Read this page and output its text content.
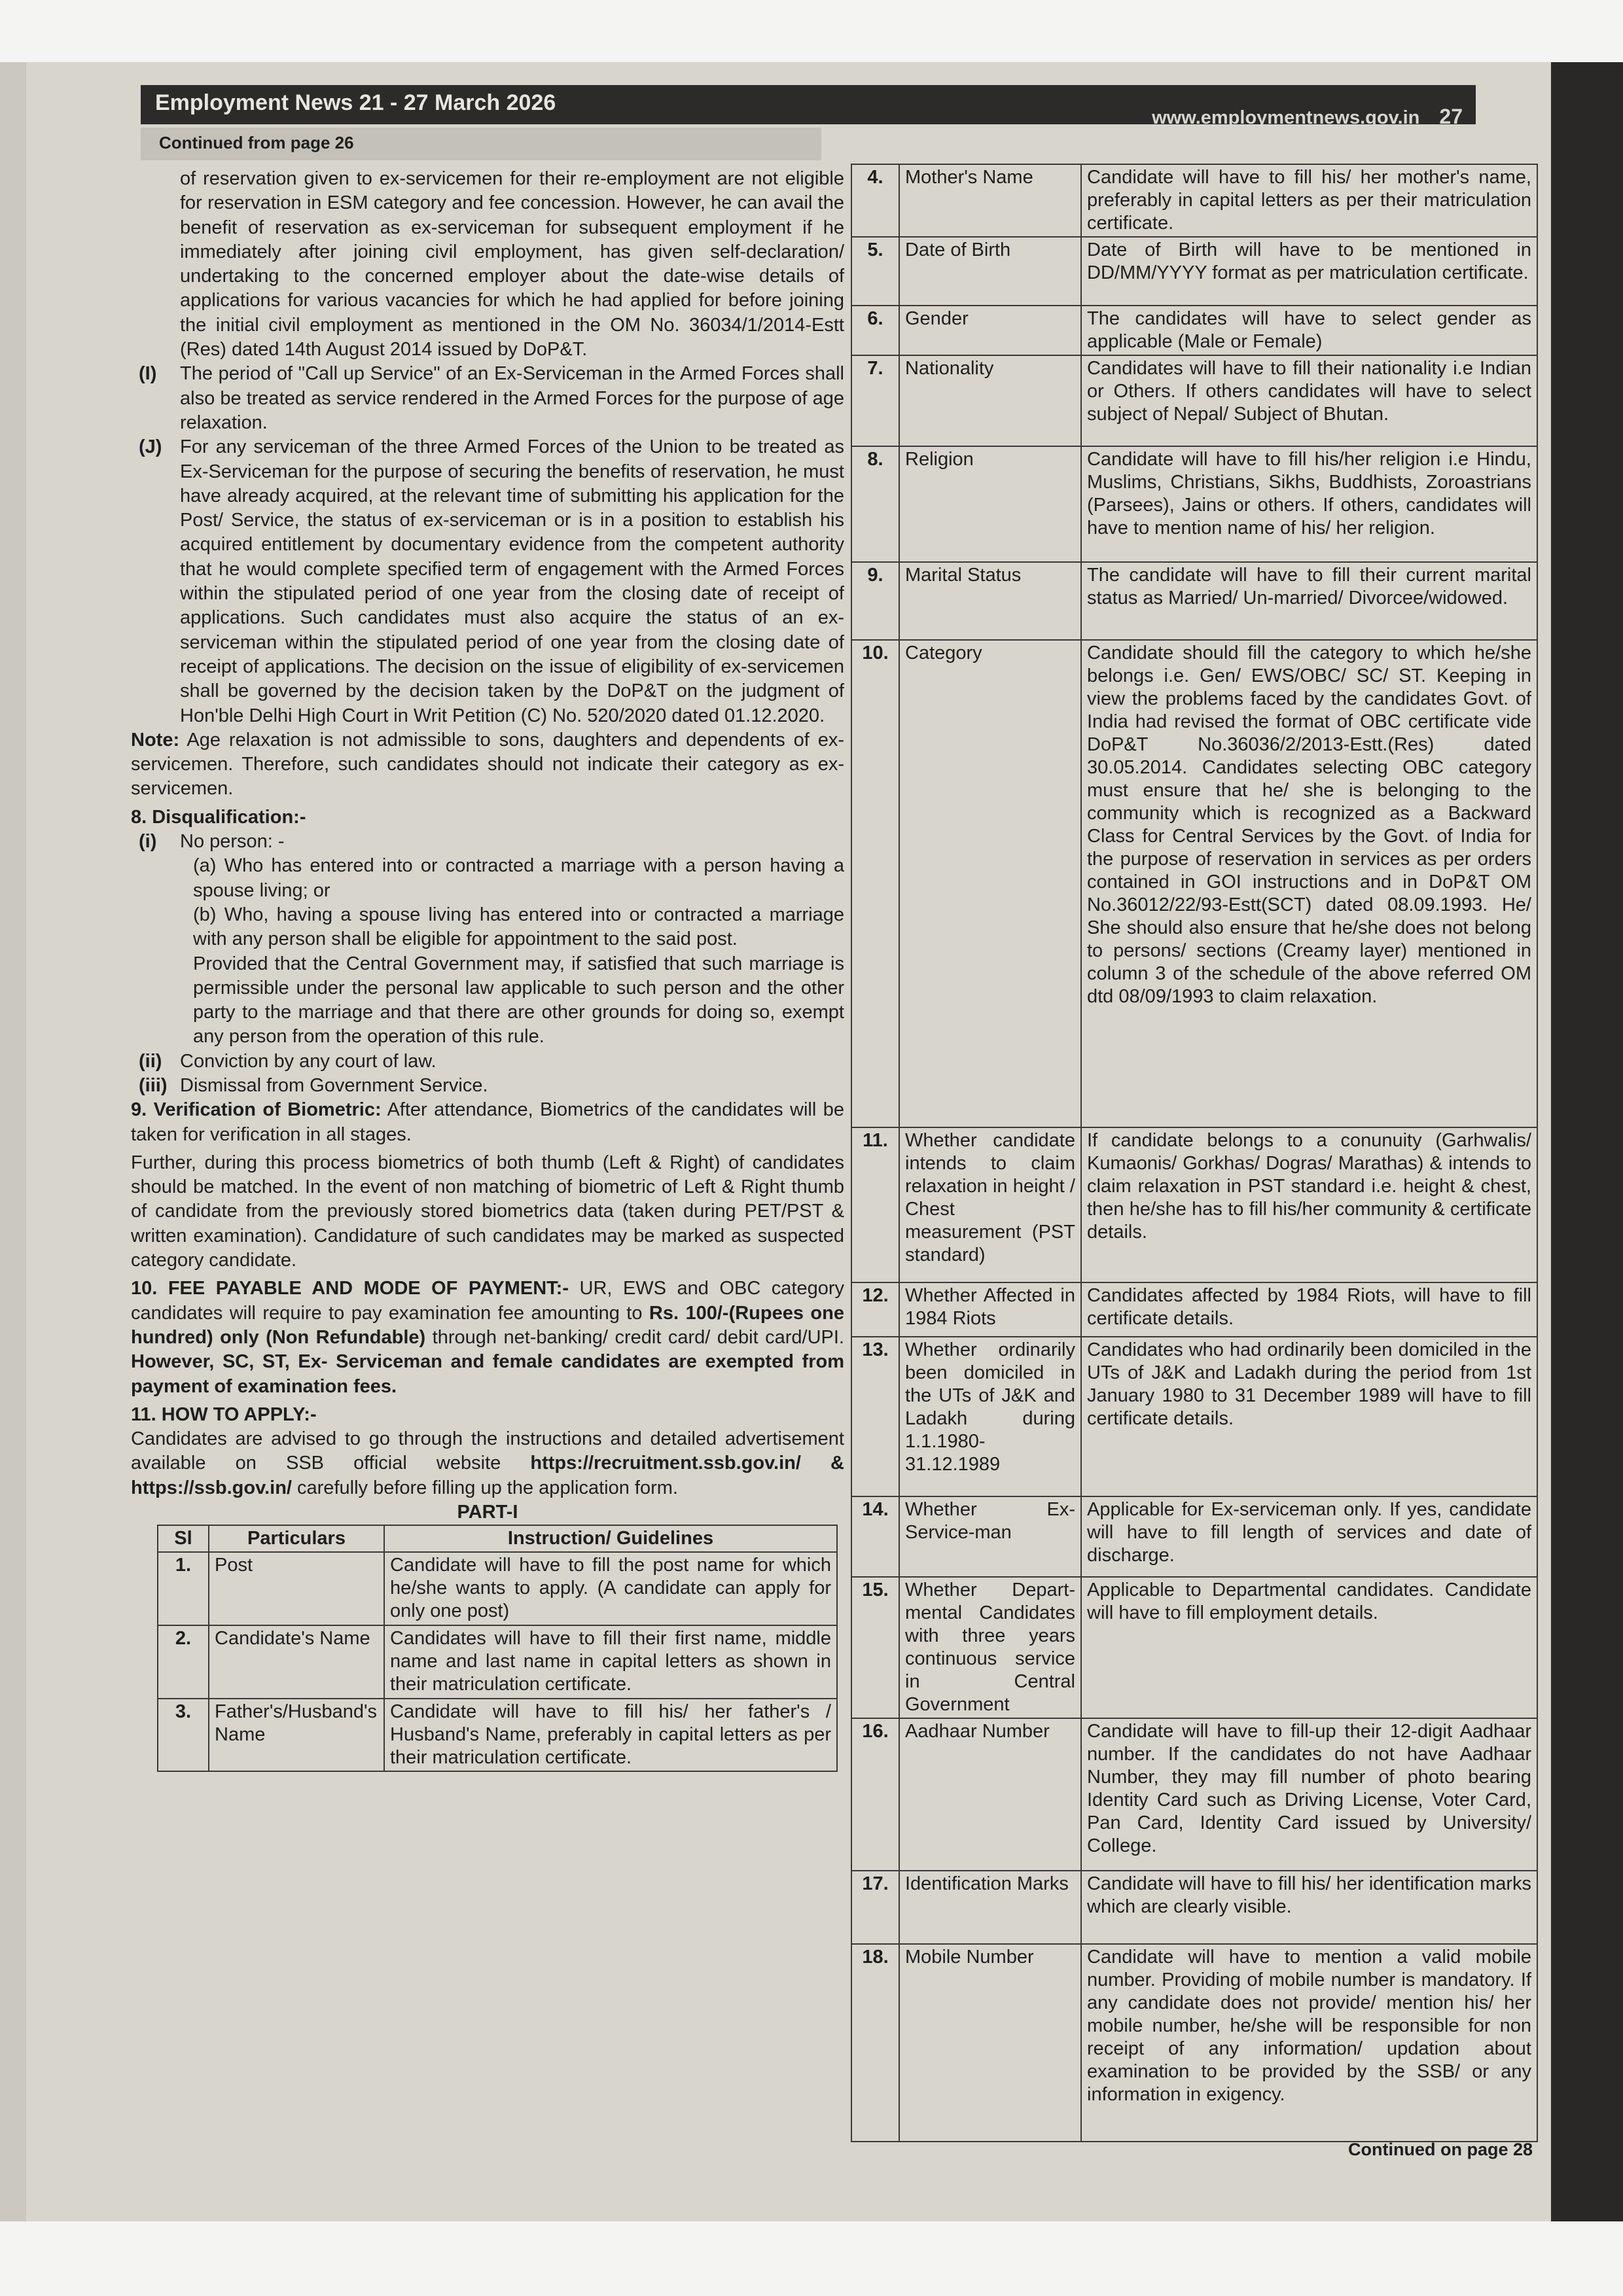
Employment News 21 - 27 March 2026
www.employmentnews.gov.in 27
Continued from page 26

of reservation given to ex-servicemen for their re-employment are not eligible for reservation in ESM category and fee concession. However, he can avail the benefit of reservation as ex-serviceman for subsequent employment if he immediately after joining civil employment, has given self-declaration/ undertaking to the concerned employer about the date-wise details of applications for various vacancies for which he had applied for before joining the initial civil employment as mentioned in the OM No. 36034/1/2014-Estt (Res) dated 14th August 2014 issued by DoP&T.

(I) The period of "Call up Service" of an Ex-Serviceman in the Armed Forces shall also be treated as service rendered in the Armed Forces for the purpose of age relaxation.

(J) For any serviceman of the three Armed Forces of the Union to be treated as Ex-Serviceman for the purpose of securing the benefits of reservation, he must have already acquired, at the relevant time of submitting his application for the Post/ Service, the status of ex-serviceman or is in a position to establish his acquired entitlement by documentary evidence from the competent authority that he would complete specified term of engagement with the Armed Forces within the stipulated period of one year from the closing date of receipt of applications. Such candidates must also acquire the status of an ex-serviceman within the stipulated period of one year from the closing date of receipt of applications. The decision on the issue of eligibility of ex-servicemen shall be governed by the decision taken by the DoP&T on the judgment of Hon'ble Delhi High Court in Writ Petition (C) No. 520/2020 dated 01.12.2020.

Note: Age relaxation is not admissible to sons, daughters and dependents of ex-servicemen. Therefore, such candidates should not indicate their category as ex-servicemen.

8. Disqualification:-

(i) No person: -

(a) Who has entered into or contracted a marriage with a person having a spouse living; or

(b) Who, having a spouse living has entered into or contracted a marriage with any person shall be eligible for appointment to the said post.

Provided that the Central Government may, if satisfied that such marriage is permissible under the personal law applicable to such person and the other party to the marriage and that there are other grounds for doing so, exempt any person from the operation of this rule.

(ii) Conviction by any court of law.

(iii) Dismissal from Government Service.

9. Verification of Biometric: After attendance, Biometrics of the candidates will be taken for verification in all stages.

Further, during this process biometrics of both thumb (Left & Right) of candidates should be matched. In the event of non matching of biometric of Left & Right thumb of candidate from the previously stored biometrics data (taken during PET/PST & written examination). Candidature of such candidates may be marked as suspected category candidate.

10. FEE PAYABLE AND MODE OF PAYMENT:- UR, EWS and OBC category candidates will require to pay examination fee amounting to Rs. 100/-(Rupees one hundred) only (Non Refundable) through net-banking/ credit card/ debit card/UPI. However, SC, ST, Ex- Serviceman and female candidates are exempted from payment of examination fees.

11. HOW TO APPLY:-

Candidates are advised to go through the instructions and detailed advertisement available on SSB official website https://recruitment.ssb.gov.in/ & https://ssb.gov.in/ carefully before filling up the application form.

PART-I

Sl	Particulars	Instruction/ Guidelines
1.	Post	Candidate will have to fill the post name for which he/she wants to apply. (A candidate can apply for only one post)
2.	Candidate's Name	Candidates will have to fill their first name, middle name and last name in capital letters as shown in their matriculation certificate.
3.	Father's/Husband's Name	Candidate will have to fill his/ her father's / Husband's Name, preferably in capital letters as per their matriculation certificate.
4.	Mother's Name	Candidate will have to fill his/ her mother's name, preferably in capital letters as per their matriculation certificate.
5.	Date of Birth	Date of Birth will have to be mentioned in DD/MM/YYYY format as per matriculation certificate.
6.	Gender	The candidates will have to select gender as applicable (Male or Female)
7.	Nationality	Candidates will have to fill their nationality i.e Indian or Others. If others candidates will have to select subject of Nepal/ Subject of Bhutan.
8.	Religion	Candidate will have to fill his/her religion i.e Hindu, Muslims, Christians, Sikhs, Buddhists, Zoroastrians (Parsees), Jains or others. If others, candidates will have to mention name of his/ her religion.
9.	Marital Status	The candidate will have to fill their current marital status as Married/ Un-married/ Divorcee/widowed.
10.	Category	Candidate should fill the category to which he/she belongs i.e. Gen/ EWS/OBC/ SC/ ST. Keeping in view the problems faced by the candidates Govt. of India had revised the format of OBC certificate vide DoP&T No.36036/2/2013-Estt.(Res) dated 30.05.2014. Candidates selecting OBC category must ensure that he/ she is belonging to the community which is recognized as a Backward Class for Central Services by the Govt. of India for the purpose of reservation in services as per orders contained in GOI instructions and in DoP&T OM No.36012/22/93-Estt(SCT) dated 08.09.1993. He/ She should also ensure that he/she does not belong to persons/ sections (Creamy layer) mentioned in column 3 of the schedule of the above referred OM dtd 08/09/1993 to claim relaxation.
11.	Whether candidate intends to claim relaxation in height / Chest measurement (PST standard)	If candidate belongs to a conunuity (Garhwalis/ Kumaonis/ Gorkhas/ Dogras/ Marathas) & intends to claim relaxation in PST standard i.e. height & chest, then he/she has to fill his/her community & certificate details.
12.	Whether Affected in 1984 Riots	Candidates affected by 1984 Riots, will have to fill certificate details.
13.	Whether ordinarily been domiciled in the UTs of J&K and Ladakh during 1.1.1980-31.12.1989	Candidates who had ordinarily been domiciled in the UTs of J&K and Ladakh during the period from 1st January 1980 to 31 December 1989 will have to fill certificate details.
14.	Whether Ex-Service-man	Applicable for Ex-serviceman only. If yes, candidate will have to fill length of services and date of discharge.
15.	Whether Depart-mental Candidates with three years continuous service in Central Government	Applicable to Departmental candidates. Candidate will have to fill employment details.
16.	Aadhaar Number	Candidate will have to fill-up their 12-digit Aadhaar number. If the candidates do not have Aadhaar Number, they may fill number of photo bearing Identity Card such as Driving License, Voter Card, Pan Card, Identity Card issued by University/ College.
17.	Identification Marks	Candidate will have to fill his/ her identification marks which are clearly visible.
18.	Mobile Number	Candidate will have to mention a valid mobile number. Providing of mobile number is mandatory. If any candidate does not provide/ mention his/ her mobile number, he/she will be responsible for non receipt of any information/ updation about examination to be provided by the SSB/ or any information in exigency.
Continued on page 28
